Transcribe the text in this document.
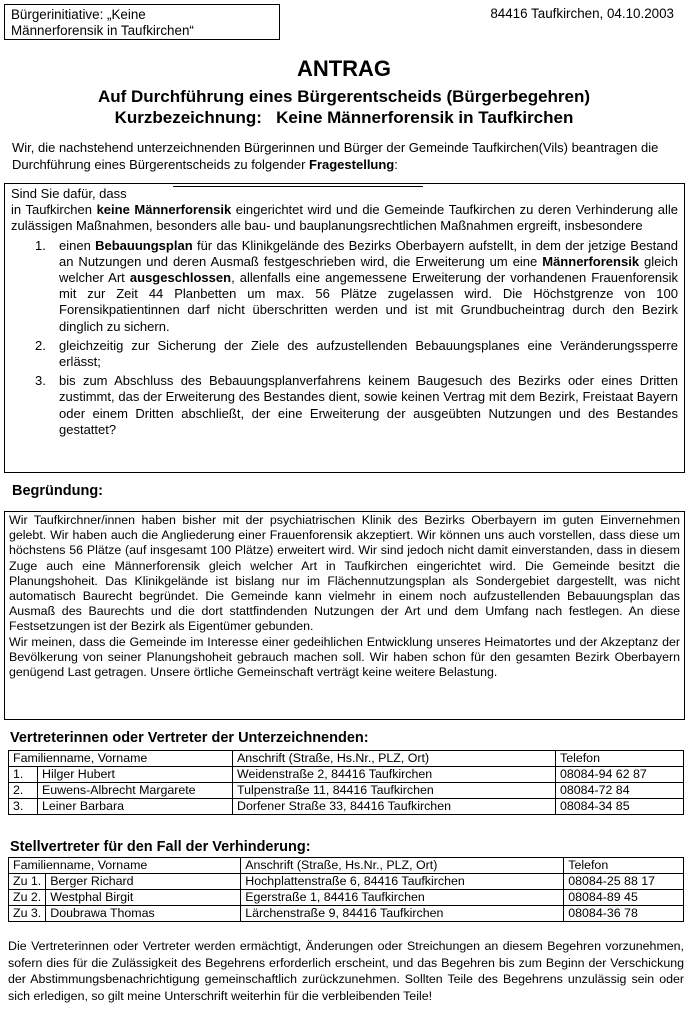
Bürgerinitiative: „Keine
Männerforensik in Taufkirchen“
84416 Taufkirchen, 04.10.2003
ANTRAG
Auf Durchführung eines Bürgerentscheids (Bürgerbegehren)
Kurzbezeichnung:   Keine Männerforensik in Taufkirchen
Wir, die nachstehend unterzeichnenden Bürgerinnen und Bürger der Gemeinde Taufkirchen(Vils) beantragen die Durchführung eines Bürgerentscheids zu folgender Fragestellung:
Sind Sie dafür, dass
in Taufkirchen keine Männerforensik eingerichtet wird und die Gemeinde Taufkirchen zu deren Verhinderung alle zulässigen Maßnahmen, besonders alle bau- und bauplanungsrechtlichen Maßnahmen ergreift, insbesondere
1. einen Bebauungsplan für das Klinikgelände des Bezirks Oberbayern aufstellt, in dem der jetzige Bestand an Nutzungen und deren Ausmaß festgeschrieben wird, die Erweiterung um eine Männerforensik gleich welcher Art ausgeschlossen, allenfalls eine angemessene Erweiterung der vorhandenen Frauenforensik mit zur Zeit 44 Planbetten um max. 56 Plätze zugelassen wird. Die Höchstgrenze von 100 Forensikpatientinnen darf nicht überschritten werden und ist mit Grundbucheintrag durch den Bezirk dinglich zu sichern.
2. gleichzeitig zur Sicherung der Ziele des aufzustellenden Bebauungsplanes eine Veränderungssperre erlässt;
3. bis zum Abschluss des Bebauungsplanverfahrens keinem Baugesuch des Bezirks oder eines Dritten zustimmt, das der Erweiterung des Bestandes dient, sowie keinen Vertrag mit dem Bezirk, Freistaat Bayern oder einem Dritten abschließt, der eine Erweiterung der ausgeübten Nutzungen und des Bestandes gestattet?
Begründung:
Wir Taufkirchner/innen haben bisher mit der psychiatrischen Klinik des Bezirks Oberbayern im guten Einvernehmen gelebt. Wir haben auch die Angliederung einer Frauenforensik akzeptiert. Wir können uns auch vorstellen, dass diese um höchstens 56 Plätze (auf insgesamt 100 Plätze) erweitert wird. Wir sind jedoch nicht damit einverstanden, dass in diesem Zuge auch eine Männerforensik gleich welcher Art in Taufkirchen eingerichtet wird. Die Gemeinde besitzt die Planungshoheit. Das Klinikgelände ist bislang nur im Flächennutzungsplan als Sondergebiet dargestellt, was nicht automatisch Baurecht begründet. Die Gemeinde kann vielmehr in einem noch aufzustellenden Bebauungsplan das Ausmaß des Baurechts und die dort stattfindenden Nutzungen der Art und dem Umfang nach festlegen. An diese Festsetzungen ist der Bezirk als Eigentümer gebunden.
Wir meinen, dass die Gemeinde im Interesse einer gedeihlichen Entwicklung unseres Heimatortes und der Akzeptanz der Bevölkerung von seiner Planungshoheit gebrauch machen soll. Wir haben schon für den gesamten Bezirk Oberbayern genügend Last getragen. Unsere örtliche Gemeinschaft verträgt keine weitere Belastung.
Vertreterinnen oder Vertreter der Unterzeichnenden:
Familienname, Vorname		Anschrift (Straße, Hs.Nr., PLZ, Ort)	Telefon
1.	Hilger Hubert	Weidenstraße 2, 84416 Taufkirchen	08084-94 62 87
2.	Euwens-Albrecht Margarete	Tulpenstraße 11, 84416 Taufkirchen	08084-72 84
3.	Leiner Barbara	Dorfener Straße 33, 84416 Taufkirchen	08084-34 85
Stellvertreter für den Fall der Verhinderung:
Familienname, Vorname		Anschrift (Straße, Hs.Nr., PLZ, Ort)	Telefon
Zu 1.	Berger Richard	Hochplattenstraße 6, 84416 Taufkirchen	08084-25 88 17
Zu 2.	Westphal Birgit	Egerstraße 1, 84416 Taufkirchen	08084-89 45
Zu 3.	Doubrawa Thomas	Lärchenstraße 9, 84416 Taufkirchen	08084-36 78
Die Vertreterinnen oder Vertreter werden ermächtigt, Änderungen oder Streichungen an diesem Begehren vorzunehmen, sofern dies für die Zulässigkeit des Begehrens erforderlich erscheint, und das Begehren bis zum Beginn der Verschickung der Abstimmungsbenachrichtigung gemeinschaftlich zurückzunehmen. Sollten Teile des Begehrens unzulässig sein oder sich erledigen, so gilt meine Unterschrift weiterhin für die verbleibenden Teile!
